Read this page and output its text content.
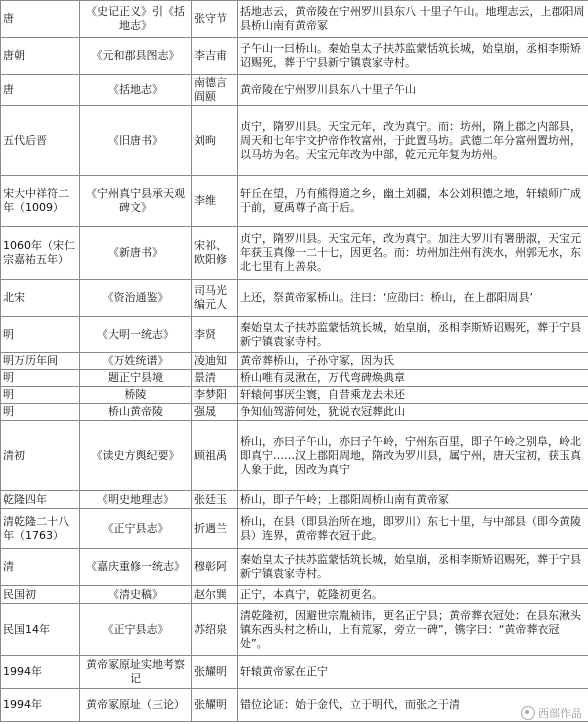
唐	《史记正义》引《括地志》	张守节	括地志云，黄帝陵在宁州罗川县东八 十里子午山。地理志云，上郡阳周县桥山南有黄帝冢
唐朝	《元和郡县图志》	李吉甫	子午山一曰桥山。秦始皇太子扶苏监蒙恬筑长城，始皇崩，丞相李斯矫诏赐死，葬于宁县新宁镇袁家寺村。
唐	《括地志》	南德言阎颐	黄帝陵在宁州罗川县东八十里子午山
五代后晋	《旧唐书》	刘昫	贞宁，隋罗川县。天宝元年，改为真宁。而：坊州，隋上郡之内部县，周天和七年宇文护帝作牧富州，于此置马坊。武德二年分富州置坊州，以马坊为名。天宝元年改为中部，乾元元年复为坊州。
宋大中祥符二年（1009）	《宁州真宁县承天观碑文》	李维	轩丘在望，乃有熊得道之乡，幽土刘疆，本公刘积德之地，轩辕师广成于前，夏禹尊子高于后。
1060年（宋仁宗嘉祐五年）	《新唐书》	宋祁、欧阳修	贞宁，隋罗川县。天宝元年，改为真宁。加注大罗川有署册淑，天宝元年获玉真像一二十七，因更名。而：坊州加注州有浃水，州郭无水，东北七里有上善泉。
北宋	《资治通鉴》	司马光编元人	上还，祭黄帝冢桥山。注曰：‘应劭曰：桥山，在上郡阳周县’
明	《大明一统志》	李贤	秦始皇太子扶苏监蒙恬筑长城，始皇崩，丞相李斯矫诏赐死，葬于宁县新宁镇袁家寺村。
明万历年间	《万姓统谱》	凌迪知	黄帝葬桥山，子孙守冢，因为氏
明	题正宁县境	景清	桥山唯有灵湫在，万代弯碑焕典章
明	桥陵	李梦阳	轩辕何事厌尘寰，自昔乘龙去未还
明	桥山黄帝陵	强晟	争知仙驾游何处，犹说衣冠葬此山
清初	《读史方舆纪要》	顾祖禹	桥山，亦曰子午山，亦曰子午岭，宁州东百里，即子午岭之别阜，岭北即真宁……汉上郡阳周地，隋改为罗川县，属宁州，唐天宝初，获玉真人象于此，因改为真宁
乾隆四年	《明史地理志》	张廷玉	桥山，即子午岭；上郡阳周桥山南有黄帝冢
清乾隆二十八年（1763）	《正宁县志》	折遇兰	桥山，在县（即县治所在地，即罗川）东七十里，与中部县（即今黄陵县）连界，黄帝葬衣冠于此。
清	《嘉庆重修一统志》	穆彰阿	秦始皇太子扶苏监蒙恬筑长城，始皇崩，丞相李斯矫诏赐死，葬于宁县新宁镇袁家寺村。
民国初	《清史稿》	赵尔巽	正宁，本真宁，乾隆初更名。
民国14年	《正宁县志》	苏绍泉	清乾隆初，因避世宗胤祯讳，更名正宁县；黄帝葬衣冠处：在县东湫头镇东西头村之桥山，上有荒冢，旁立一碑”，镌字曰：“黄帝葬衣冠处”。
1994年	黄帝冢原址实地考察记	张耀明	轩辕黄帝冢在正宁
1994年	黄帝冢原址（三论）	张耀明	错位论证：始于金代，立于明代，而张之于清
西部作品
